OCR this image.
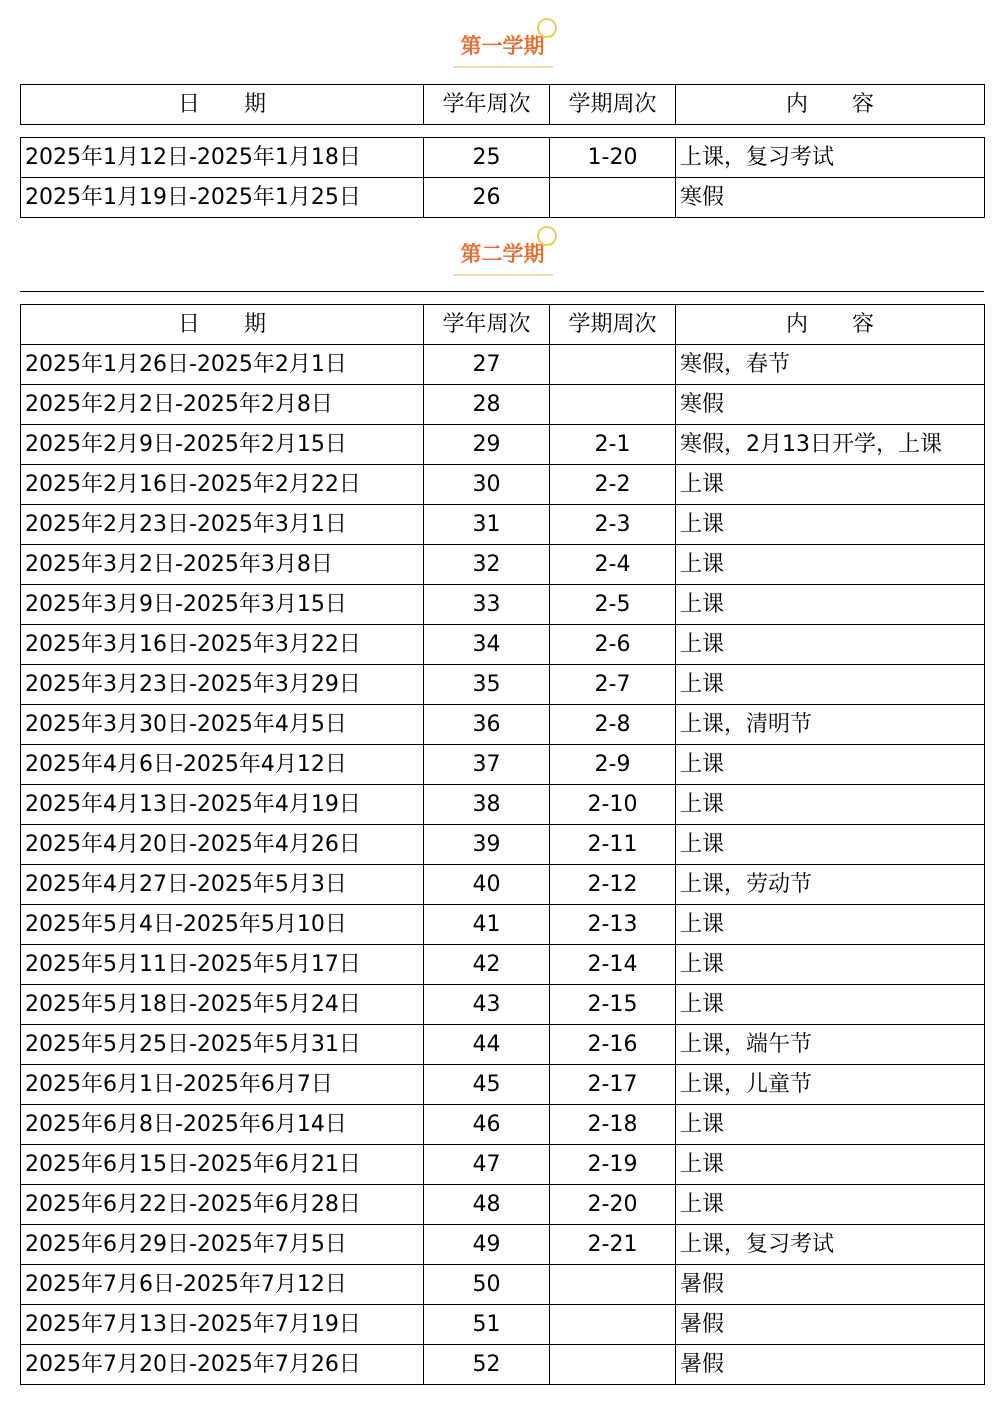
第一学期
日　　期	学年周次	学期周次	内　　容
2025年1月12日-2025年1月18日	25	1-20	上课，复习考试
2025年1月19日-2025年1月25日	26		寒假
第二学期
日　　期	学年周次	学期周次	内　　容
2025年1月26日-2025年2月1日	27		寒假，春节
2025年2月2日-2025年2月8日	28		寒假
2025年2月9日-2025年2月15日	29	2-1	寒假，2月13日开学，上课
2025年2月16日-2025年2月22日	30	2-2	上课
2025年2月23日-2025年3月1日	31	2-3	上课
2025年3月2日-2025年3月8日	32	2-4	上课
2025年3月9日-2025年3月15日	33	2-5	上课
2025年3月16日-2025年3月22日	34	2-6	上课
2025年3月23日-2025年3月29日	35	2-7	上课
2025年3月30日-2025年4月5日	36	2-8	上课，清明节
2025年4月6日-2025年4月12日	37	2-9	上课
2025年4月13日-2025年4月19日	38	2-10	上课
2025年4月20日-2025年4月26日	39	2-11	上课
2025年4月27日-2025年5月3日	40	2-12	上课，劳动节
2025年5月4日-2025年5月10日	41	2-13	上课
2025年5月11日-2025年5月17日	42	2-14	上课
2025年5月18日-2025年5月24日	43	2-15	上课
2025年5月25日-2025年5月31日	44	2-16	上课，端午节
2025年6月1日-2025年6月7日	45	2-17	上课，儿童节
2025年6月8日-2025年6月14日	46	2-18	上课
2025年6月15日-2025年6月21日	47	2-19	上课
2025年6月22日-2025年6月28日	48	2-20	上课
2025年6月29日-2025年7月5日	49	2-21	上课，复习考试
2025年7月6日-2025年7月12日	50		暑假
2025年7月13日-2025年7月19日	51		暑假
2025年7月20日-2025年7月26日	52		暑假
